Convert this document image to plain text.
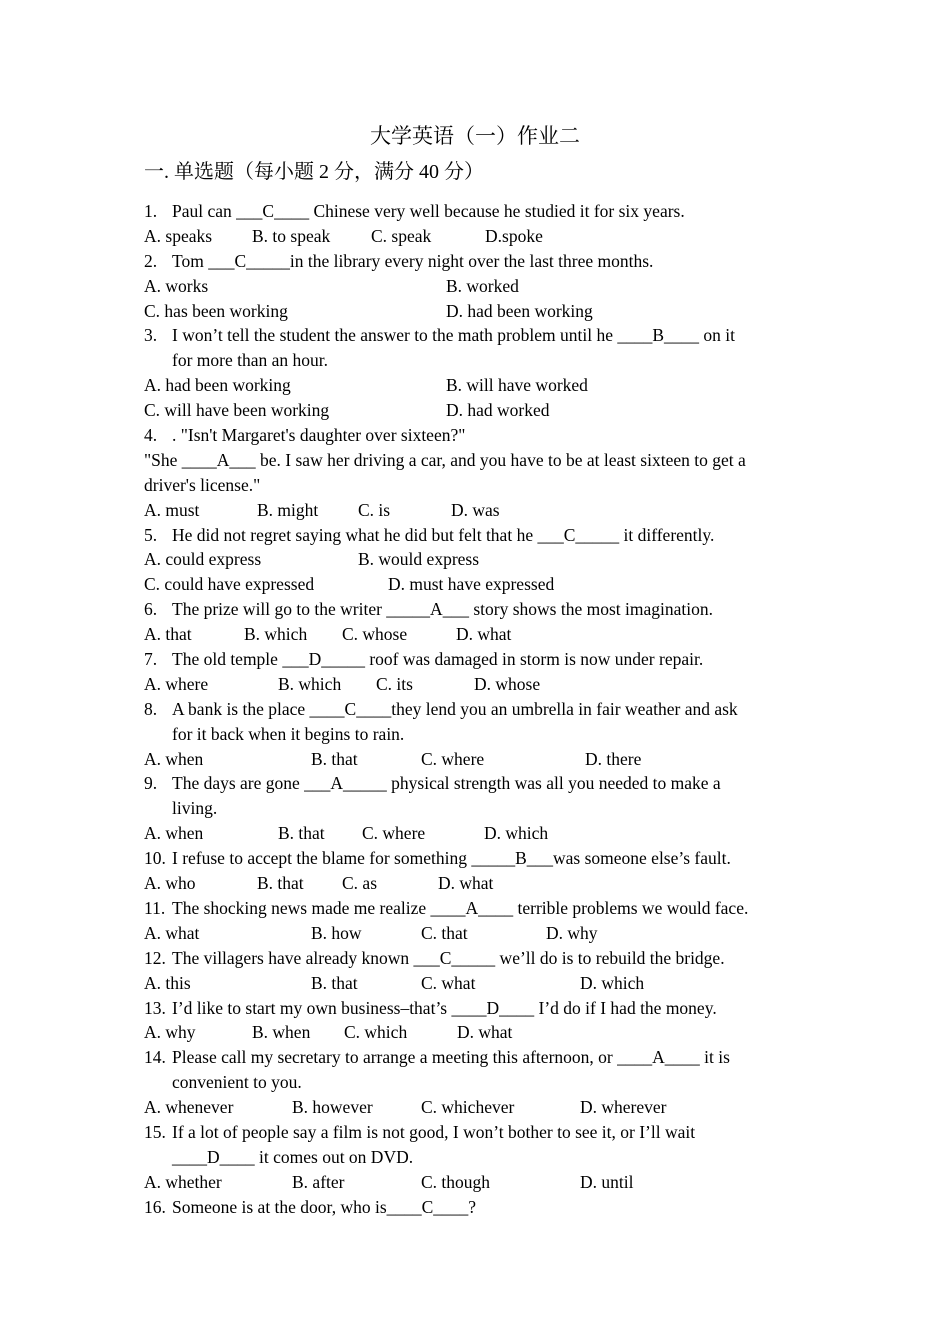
大学英语（一）作业二
一. 单选题（每小题 2 分，满分 40 分）
1. Paul can ___C____ Chinese very well because he studied it for six years.
A. speaks B. to speak C. speak	D.spoke
2. Tom ___C_____in the library every night over the last three months.
A. works	B. worked
C. has been working	D. had been working
3. I won’t tell the student the answer to the math problem until he ____B____ on it
for more than an hour.
A. had been working	B. will have worked
C. will have been working	D. had worked
4. . "Isn't Margaret's daughter over sixteen?"
"She ____A___ be. I saw her driving a car, and you have to be at least sixteen to get a
driver's license."
A. must	B. might C. is	D. was
5. He did not regret saying what he did but felt that he ___C_____ it differently.
A. could express	B. would express
C. could have expressed	D. must have expressed
6. The prize will go to the writer _____A___ story shows the most imagination.
A. that	B. which C. whose	D. what
7. The old temple ___D_____ roof was damaged in storm is now under repair.
A. where	B. which C. its	D. whose
8. A bank is the place ____C____they lend you an umbrella in fair weather and ask
for it back when it begins to rain.
A. when	B. that	C. where	D. there
9. The days are gone ___A_____ physical strength was all you needed to make a
living.
A. when	B. that C. where	D. which
10. I refuse to accept the blame for something _____B___was someone else’s fault.
A. who	B. that C. as	D. what
11. The shocking news made me realize ____A____ terrible problems we would face.
A. what	B. how	C. that	D. why
12. The villagers have already known ___C_____ we’ll do is to rebuild the bridge.
A. this	B. that	C. what	D. which
13. I’d like to start my own business–that’s ____D____ I’d do if I had the money.
A. why	B. when C. which	D. what
14. Please call my secretary to arrange a meeting this afternoon, or ____A____ it is
convenient to you.
A. whenever	B. however	C. whichever	D. wherever
15. If a lot of people say a film is not good, I won’t bother to see it, or I’ll wait
____D____ it comes out on DVD.
A. whether	B. after	C. though	D. until
16. Someone is at the door, who is____C____?
